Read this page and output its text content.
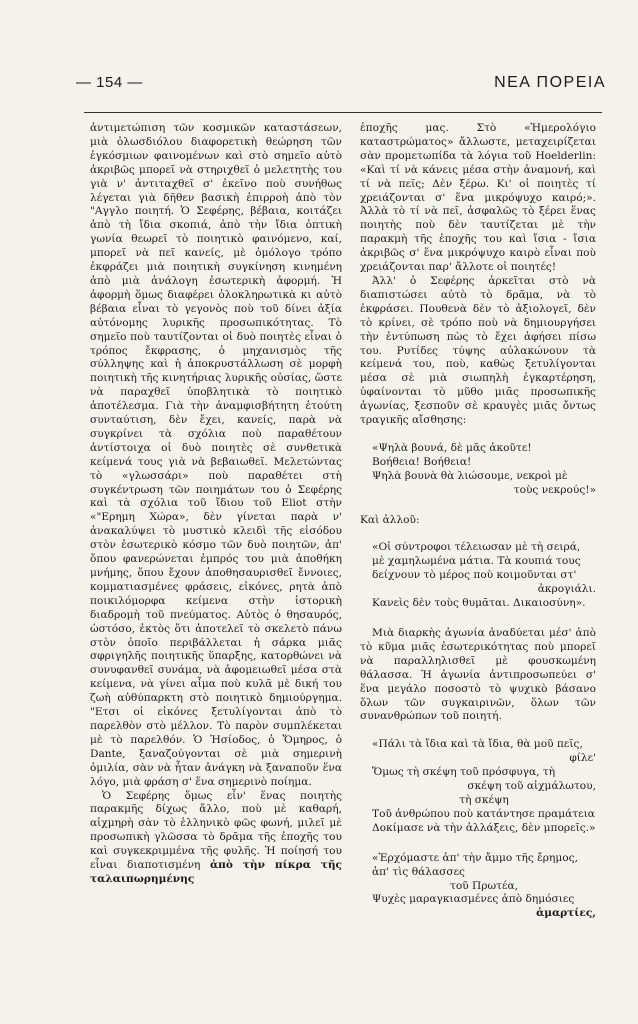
— 154 —	ΝΕΑ ΠΟΡΕΙΑ

ἀντιμετώπιση τῶν κοσμικῶν καταστάσεων, μιὰ ὁλωσδιόλου διαφορετικὴ θεώρηση τῶν ἐγκόσμιων φαινομένων καὶ στὸ σημεῖο αὐτὸ ἀκριβῶς μπορεῖ νὰ στηριχθεῖ ὁ μελετητὴς του γιὰ ν' ἀντιταχθεῖ σ' ἐκεῖνο ποὺ συνήθως λέγεται γιὰ δῆθεν βασικὴ ἐπιρροὴ ἀπὸ τὸν "Αγγλο ποιητή. Ὁ Σεφέρης, βέβαια, κοιτάζει ἀπὸ τὴ ἴδια σκοπιά, ἀπὸ τὴν ἴδια ὀπτικὴ γωνία θεωρεῖ τὸ ποιητικὸ φαινόμενο, καί, μπορεῖ νὰ πεῖ κανείς, μὲ ὁμόλογο τρόπο ἐκφράζει μιὰ ποιητικὴ συγκίνηση κινημένη ἀπὸ μιὰ ἀνάλογη ἐσωτερικὴ ἀφορμή. Ἡ ἀφορμὴ ὅμως διαφέρει ὁλοκληρωτικὰ κι αὐτὸ βέβαια εἶναι τὸ γεγονὸς ποὺ τοῦ δίνει ἀξία αὐτόνομης λυρικῆς προσωπικότητας. Τὸ σημεῖο ποὺ ταυτίζονται οἱ δυὸ ποιητὲς εἶναι ὁ τρόπος ἔκφρασης, ὁ μηχανισμὸς τῆς σύλληψης καὶ ἡ ἀποκρυστάλλωση σὲ μορφὴ ποιητικὴ τῆς κινητήριας λυρικῆς οὐσίας, ὥστε νὰ παραχθεῖ ὑποβλητικὰ τὸ ποιητικὸ ἀποτέλεσμα. Γιὰ τὴν ἀναμφισβήτητη ἐτούτη συνταύτιση, δὲν ἔχει, κανείς, παρὰ νὰ συγκρίνει τὰ σχόλια ποὺ παραθέτουν ἀντίστοιχα οἱ δυὸ ποιητὲς σὲ συνθετικὰ κείμενά τους γιὰ νὰ βεβαιωθεῖ. Μελετώντας τὸ «γλωσσάρι» ποὺ παραθέτει στὴ συγκέντρωση τῶν ποιημάτων του ὁ Σεφέρης καὶ τὰ σχόλια τοῦ ἴδιου τοῦ Eliot στὴν «"Ερημη Χώρα», δὲν γίνεται παρὰ ν' ἀνακαλύψει τὸ μυστικὸ κλειδὶ τῆς εἰσόδου στὸν ἐσωτερικὸ κόσμο τῶν δυὸ ποιητῶν, ἀπ' ὅπου φανερώνεται ἐμπρός του μιὰ ἀποθήκη μνήμης, ὅπου ἔχουν ἀποθησαυρισθεῖ ἔννοιες, κομματιασμένες φράσεις, εἰκόνες, ρητὰ ἀπὸ ποικιλόμορφα κείμενα στὴν ἱστορικὴ διαδρομὴ τοῦ πνεύματος. Αὐτὸς ὁ θησαυρός, ὡστόσο, ἐκτὸς ὅτι ἀποτελεῖ τὸ σκελετὸ πάνω στὸν ὁποῖο περιβάλλεται ἡ σάρκα μιᾶς σφριγηλῆς ποιητικῆς ὕπαρξης, κατορθώνει νὰ συνυφανθεῖ συνάμα, νὰ ἀφομειωθεῖ μέσα στὰ κείμενα, νὰ γίνει αἷμα ποὺ κυλᾶ μὲ δική του ζωὴ αὐθύπαρκτη στὸ ποιητικὸ δημιούργημα. "Ετσι οἱ εἰκόνες ξετυλίγονται ἀπὸ τὸ παρελθὸν στὸ μέλλον. Τὸ παρὸν συμπλέκεται μὲ τὸ παρελθόν. Ὁ Ἡσίοδος, ὁ Ὅμηρος, ὁ Dante, ξαναζούγονται σὲ μιὰ σημερινὴ ὁμιλία, σὰν νὰ ἦταν ἀνάγκη νὰ ξαναποῦν ἕνα λόγο, μιὰ φράση σ' ἕνα σημερινὸ ποίημα.

Ὁ Σεφέρης ὅμως εἶν' ἕνας ποιητὴς παρακμῆς δίχως ἄλλο, ποὺ μὲ καθαρή, αἰχμηρὴ σὰν τὸ ἑλληνικὸ φῶς φωνή, μιλεῖ μὲ προσωπικὴ γλῶσσα τὸ δρᾶμα τῆς ἐποχῆς του καὶ συγκεκριμμένα τῆς φυλῆς. Ἡ ποίησή του εἶναι διαποτισμένη ἀπὸ τὴν πίκρα τῆς ταλαιπωρημένης

ἐποχῆς μας. Στὸ «Ἡμερολόγιο καταστρώματος» ἄλλωστε, μεταχειρίζεται σὰν προμετωπίδα τὰ λόγια τοῦ Hoelderlin: «Καὶ τί νὰ κάνεις μέσα στὴν ἀναμονή, καὶ τί νὰ πεῖς; Δὲν ξέρω. Κι' οἱ ποιητὲς τί χρειάζονται σ' ἕνα μικρόψυχο καιρό;». Ἀλλὰ τὸ τί νὰ πεῖ, ἀσφαλῶς τὸ ξέρει ἕνας ποιητὴς ποὺ δὲν ταυτίζεται μὲ τὴν παρακμὴ τῆς ἐποχῆς του καὶ ἴσια - ἴσια ἀκριβῶς σ' ἕνα μικρόψυχο καιρὸ εἶναι ποὺ χρειάζονται παρ' ἄλλοτε οἱ ποιητές!

Ἀλλ' ὁ Σεφέρης ἀρκεῖται στὸ νὰ διαπιστώσει αὐτὸ τὸ δρᾶμα, νὰ τὸ ἐκφράσει. Πουθενὰ δὲν τὸ ἀξιολογεῖ, δὲν τὸ κρίνει, σὲ τρόπο ποὺ νὰ δημιουργήσει τὴν ἐντύπωση πὼς τὸ ἔχει ἀφήσει πίσω του. Ρυτίδες τύψης αὐλακώνουν τὰ κείμενά του, ποὺ, καθὼς ξετυλίγονται μέσα σὲ μιὰ σιωπηλὴ ἐγκαρτέρηση, ὑφαίνονται τὸ μῦθο μιᾶς προσωπικῆς ἀγωνίας, ξεσποῦν σὲ κραυγὲς μιᾶς ὄντως τραγικῆς αἴσθησης:

«Ψηλὰ βουνά, δὲ μᾶς ἀκοῦτε!

Βοήθεια! Βοήθεια!

Ψηλὰ βουνὰ θὰ λιώσουμε, νεκροὶ μὲ

τοὺς νεκρούς!»

Καὶ ἀλλοῦ:

«Οἱ σύντροφοι τέλειωσαν μὲ τὴ σειρά,

μὲ χαμηλωμένα μάτια. Τὰ κουπιά τους

δείχνουν τὸ μέρος ποὺ κοιμοῦνται στ'

ἀκρογιάλι.

Κανεὶς δὲν τοὺς θυμᾶται. Δικαιοσύνη».

Μιὰ διαρκὴς ἀγωνία ἀναδύεται μέσ' ἀπὸ τὸ κῦμα μιᾶς ἐσωτερικότητας ποὺ μπορεῖ νὰ παραλληλισθεῖ μὲ φουσκωμένη θάλασσα. Ἡ ἀγωνία ἀντιπροσωπεύει σ' ἕνα μεγάλο ποσοστὸ τὸ ψυχικὸ βάσανο ὅλων τῶν συγκαιρινῶν, ὅλων τῶν συνανθρώπων τοῦ ποιητή.

«Πάλι τὰ ἴδια καὶ τὰ ἴδια, θὰ μοῦ πεῖς,

φίλε'

Ὅμως τὴ σκέψη τοῦ πρόσφυγα, τὴ

σκέψη τοῦ αἰχμάλωτου,

τὴ σκέψη

Τοῦ ἀνθρώπου ποὺ κατάντησε πραμάτεια

Δοκίμασε νὰ τὴν ἀλλάξεις, δὲν μπορεῖς.»

«Ἐρχόμαστε ἀπ' τὴν ἄμμο τῆς ἔρημος, ἀπ' τὶς θάλασσες

τοῦ Πρωτέα,

Ψυχὲς μαραγκιασμένες ἀπὸ δημόσιες

ἁμαρτίες,
